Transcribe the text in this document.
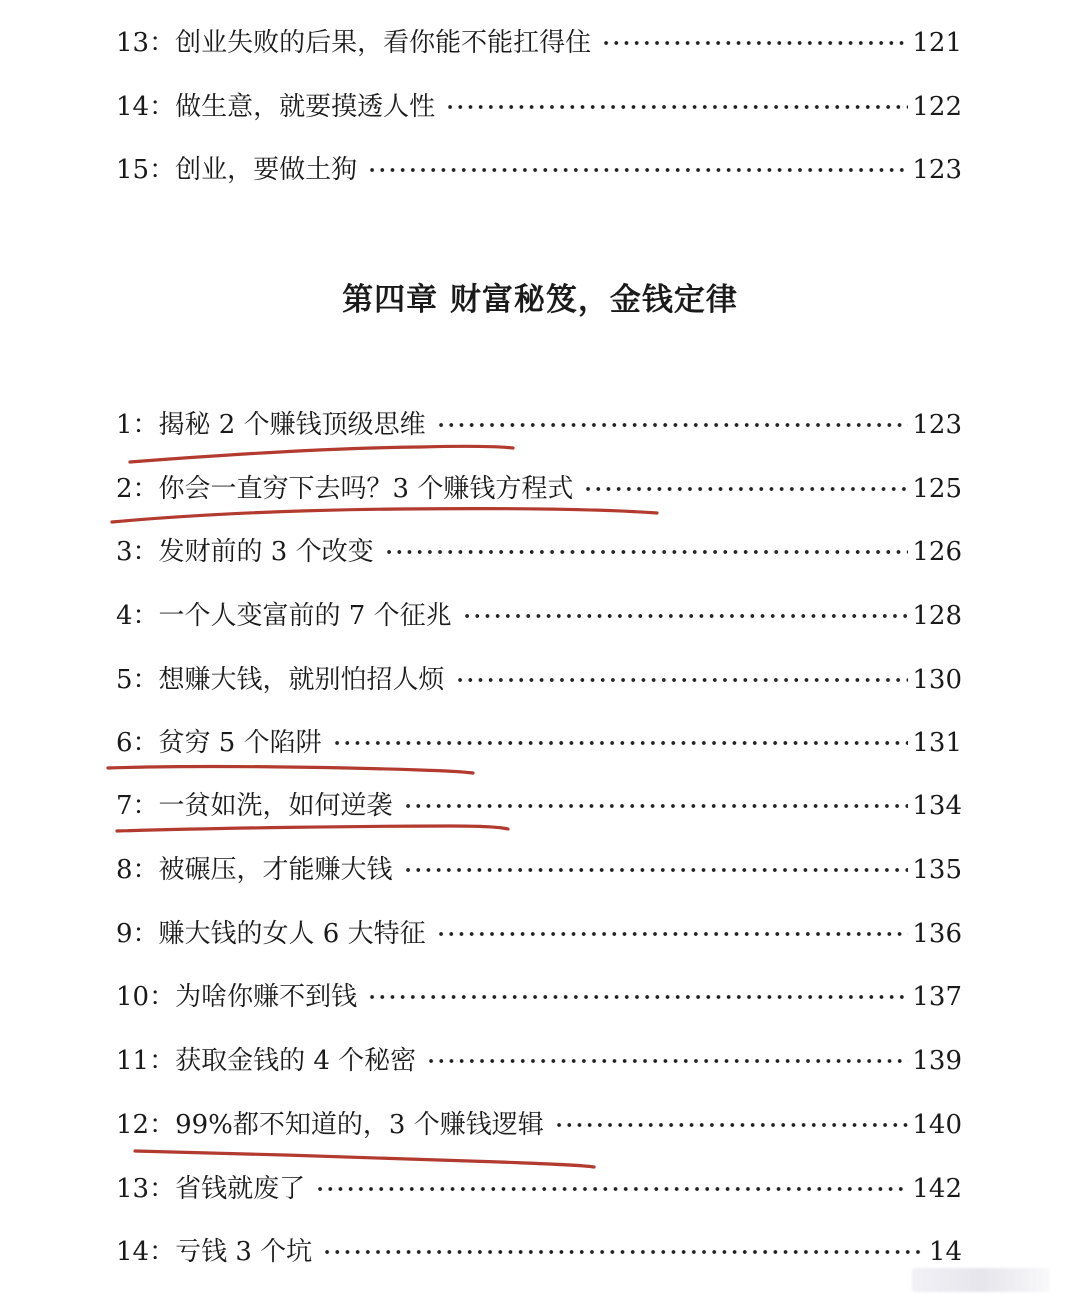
13： 创业失败的后果，看你能不能扛得住	121
14： 做生意，就要摸透人性	122
15： 创业，要做土狗	123
第四章 财富秘笈，金钱定律
1： 揭秘 2 个赚钱顶级思维	123
2： 你会一直穷下去吗？3 个赚钱方程式	125
3： 发财前的 3 个改变	126
4： 一个人变富前的 7 个征兆	128
5： 想赚大钱，就别怕招人烦	130
6： 贫穷 5 个陷阱	131
7： 一贫如洗，如何逆袭	134
8： 被碾压，才能赚大钱	135
9： 赚大钱的女人 6 大特征	136
10： 为啥你赚不到钱	137
11： 获取金钱的 4 个秘密	139
12： 99%都不知道的，3 个赚钱逻辑	140
13： 省钱就废了	142
14： 亏钱 3 个坑	14
